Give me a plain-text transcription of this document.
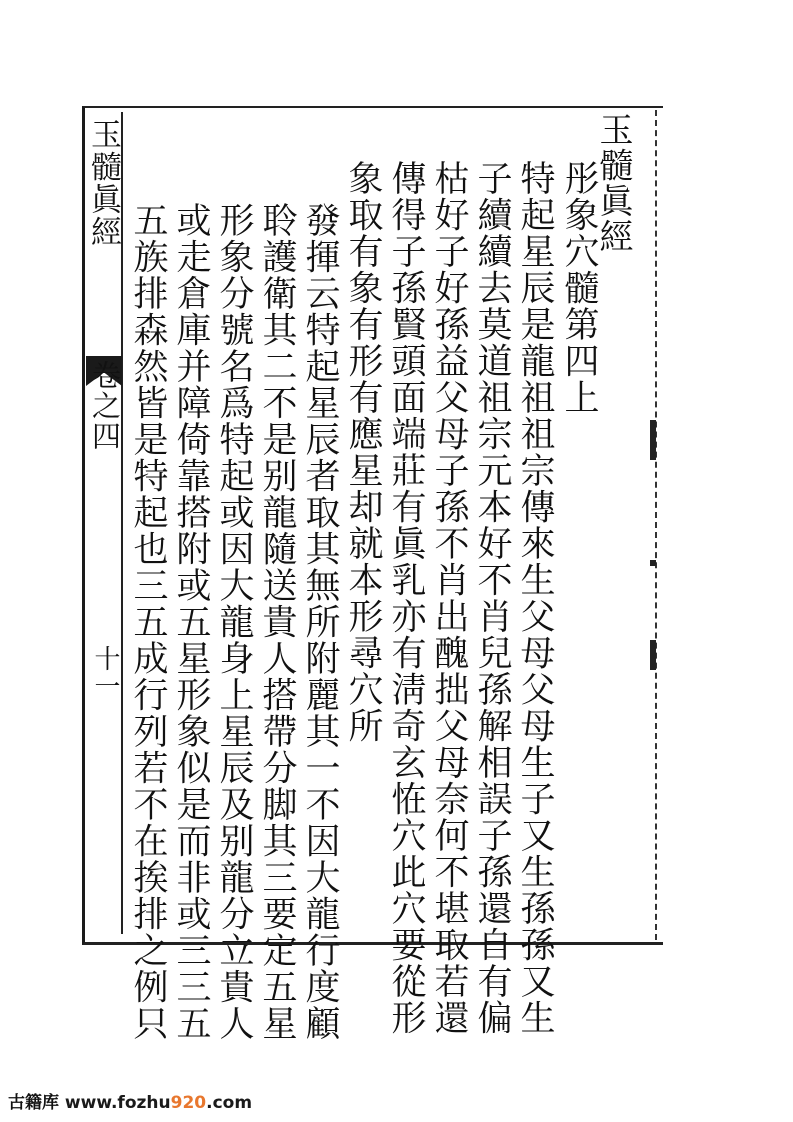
玉髓眞經
卷之四
十一
玉髓眞經
彤象穴髓第四上
特起星辰是龍祖祖宗傳來生父母父母生子又生孫孫又生
子續續去莫道祖宗元本好不肖兒孫解相誤子孫還自有偏
枯好子好孫益父母子孫不肖出醜拙父母奈何不堪取若還
傳得子孫賢頭面端莊有眞乳亦有淸奇玄恠穴此穴要從形
象取有象有形有應星却就本形尋穴所
發揮云特起星辰者取其無所附麗其一不因大龍行度顧
聆護衛其二不是别龍隨送貴人搭帶分脚其三要定五星
形象分號名爲特起或因大龍身上星辰及别龍分立貴人
或走倉庫并障倚靠搭附或五星形象似是而非或三三五
五族排森然皆是特起也三五成行列若不在挨排之例只
古籍库 www.fozhu920.com
